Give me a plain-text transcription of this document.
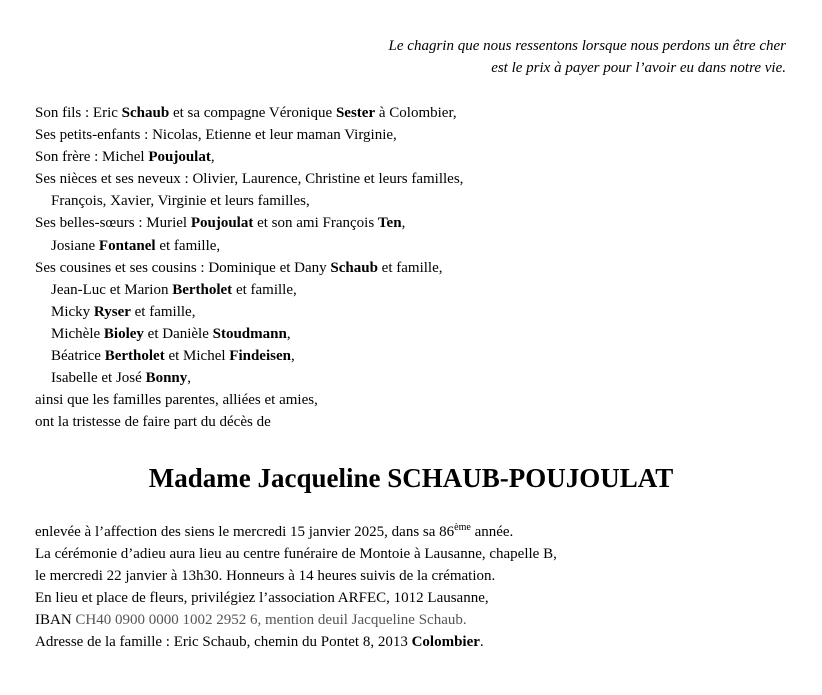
Le chagrin que nous ressentons lorsque nous perdons un être cher
est le prix à payer pour l’avoir eu dans notre vie.
Son fils : Eric Schaub et sa compagne Véronique Sester à Colombier,
Ses petits-enfants : Nicolas, Etienne et leur maman Virginie,
Son frère : Michel Poujoulat,
Ses nièces et ses neveux : Olivier, Laurence, Christine et leurs familles,
François, Xavier, Virginie et leurs familles,
Ses belles-sœurs : Muriel Poujoulat et son ami François Ten,
Josiane Fontanel et famille,
Ses cousines et ses cousins : Dominique et Dany Schaub et famille,
Jean-Luc et Marion Bertholet et famille,
Micky Ryser et famille,
Michèle Bioley et Danièle Stoudmann,
Béatrice Bertholet et Michel Findeisen,
Isabelle et José Bonny,
ainsi que les familles parentes, alliées et amies,
ont la tristesse de faire part du décès de
Madame Jacqueline SCHAUB-POUJOULAT
enlevée à l’affection des siens le mercredi 15 janvier 2025, dans sa 86ème année.
La cérémonie d’adieu aura lieu au centre funéraire de Montoie à Lausanne, chapelle B,
le mercredi 22 janvier à 13h30. Honneurs à 14 heures suivis de la crémation.
En lieu et place de fleurs, privilégiez l’association ARFEC, 1012 Lausanne,
IBAN CH40 0900 0000 1002 2952 6, mention deuil Jacqueline Schaub.
Adresse de la famille : Eric Schaub, chemin du Pontet 8, 2013 Colombier.
